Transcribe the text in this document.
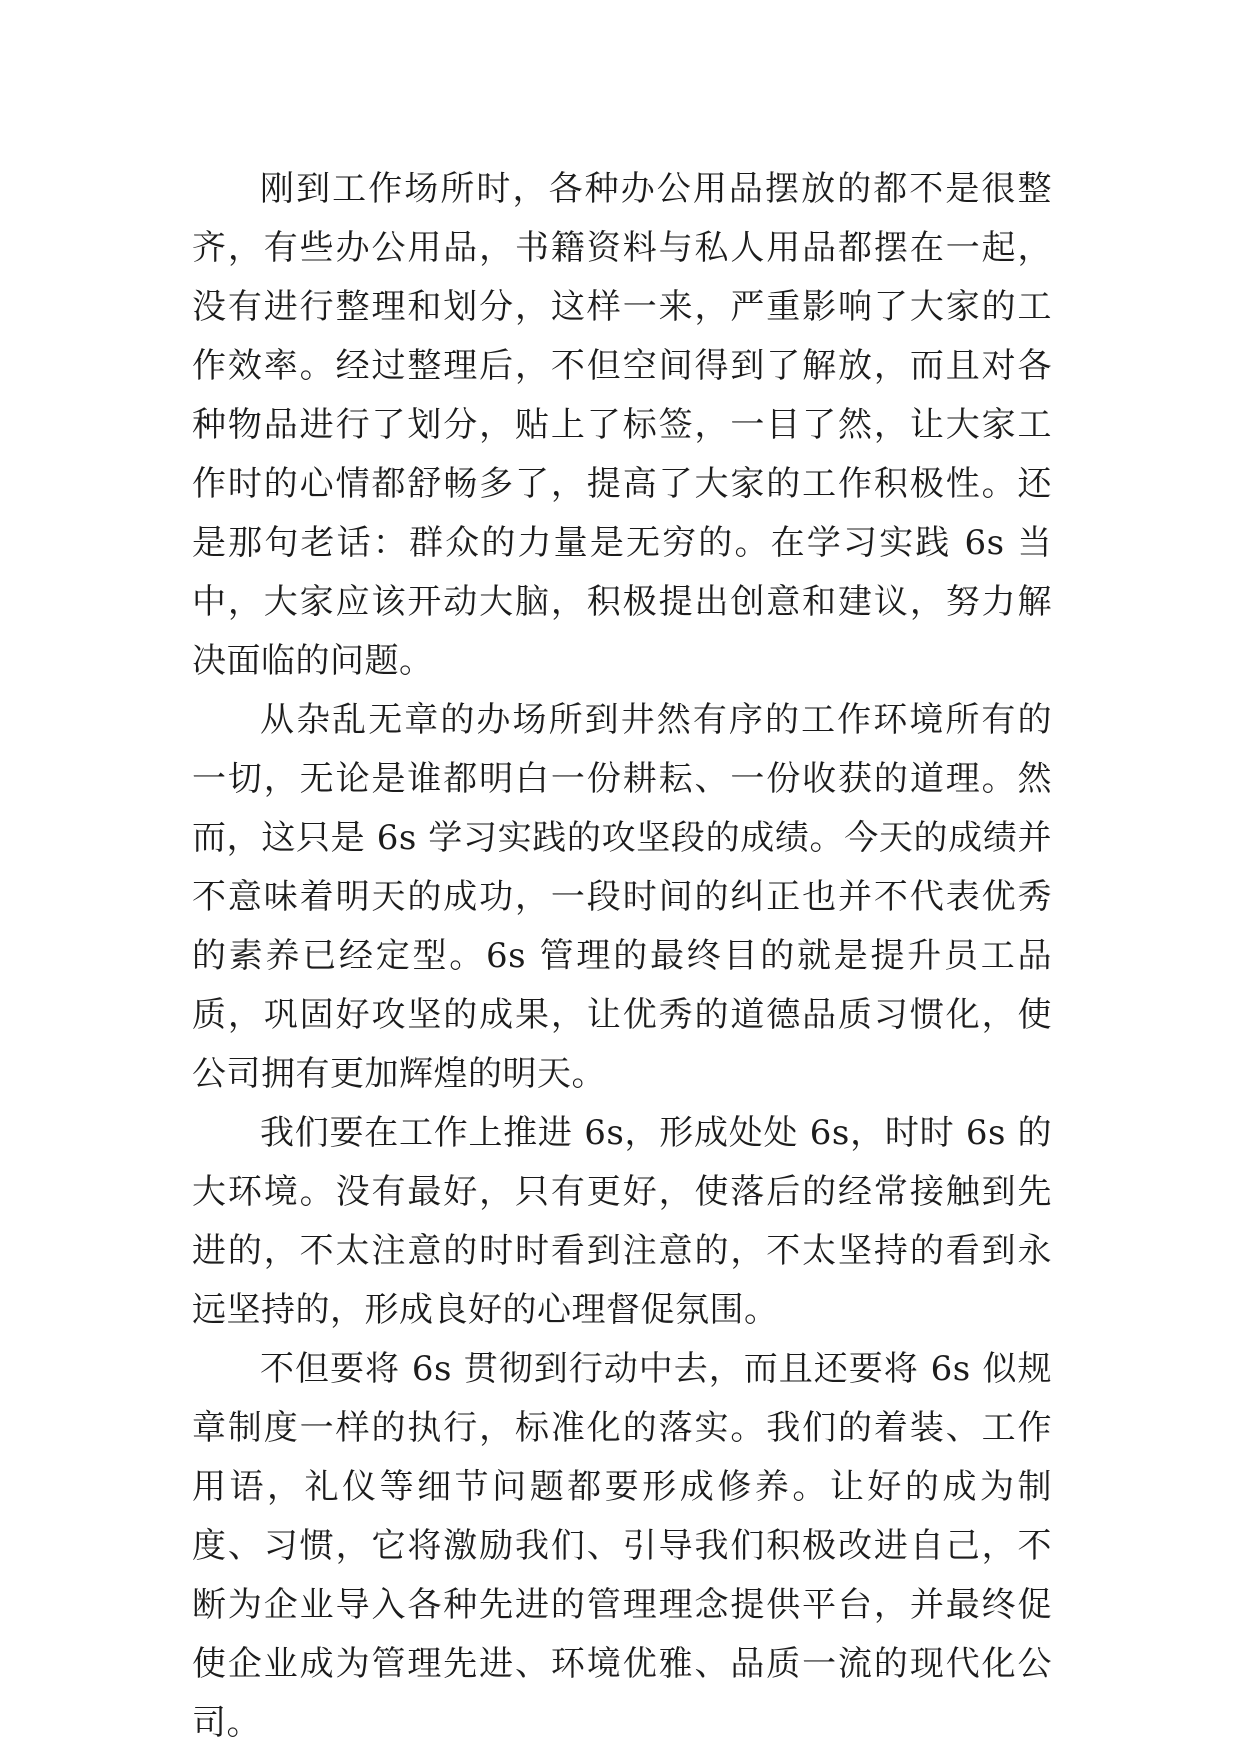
刚到工作场所时，各种办公用品摆放的都不是很整齐，有些办公用品，书籍资料与私人用品都摆在一起，没有进行整理和划分，这样一来，严重影响了大家的工作效率。经过整理后，不但空间得到了解放，而且对各种物品进行了划分，贴上了标签，一目了然，让大家工作时的心情都舒畅多了，提高了大家的工作积极性。还是那句老话：群众的力量是无穷的。在学习实践 6s 当中，大家应该开动大脑，积极提出创意和建议，努力解决面临的问题。

从杂乱无章的办场所到井然有序的工作环境所有的一切，无论是谁都明白一份耕耘、一份收获的道理。然而，这只是 6s 学习实践的攻坚段的成绩。今天的成绩并不意味着明天的成功，一段时间的纠正也并不代表优秀的素养已经定型。6s 管理的最终目的就是提升员工品质，巩固好攻坚的成果，让优秀的道德品质习惯化，使公司拥有更加辉煌的明天。

我们要在工作上推进 6s，形成处处 6s，时时 6s 的大环境。没有最好，只有更好，使落后的经常接触到先进的，不太注意的时时看到注意的，不太坚持的看到永远坚持的，形成良好的心理督促氛围。

不但要将 6s 贯彻到行动中去，而且还要将 6s 似规章制度一样的执行，标准化的落实。我们的着装、工作用语，礼仪等细节问题都要形成修养。让好的成为制度、习惯，它将激励我们、引导我们积极改进自己，不断为企业导入各种先进的管理理念提供平台，并最终促使企业成为管理先进、环境优雅、品质一流的现代化公司。
